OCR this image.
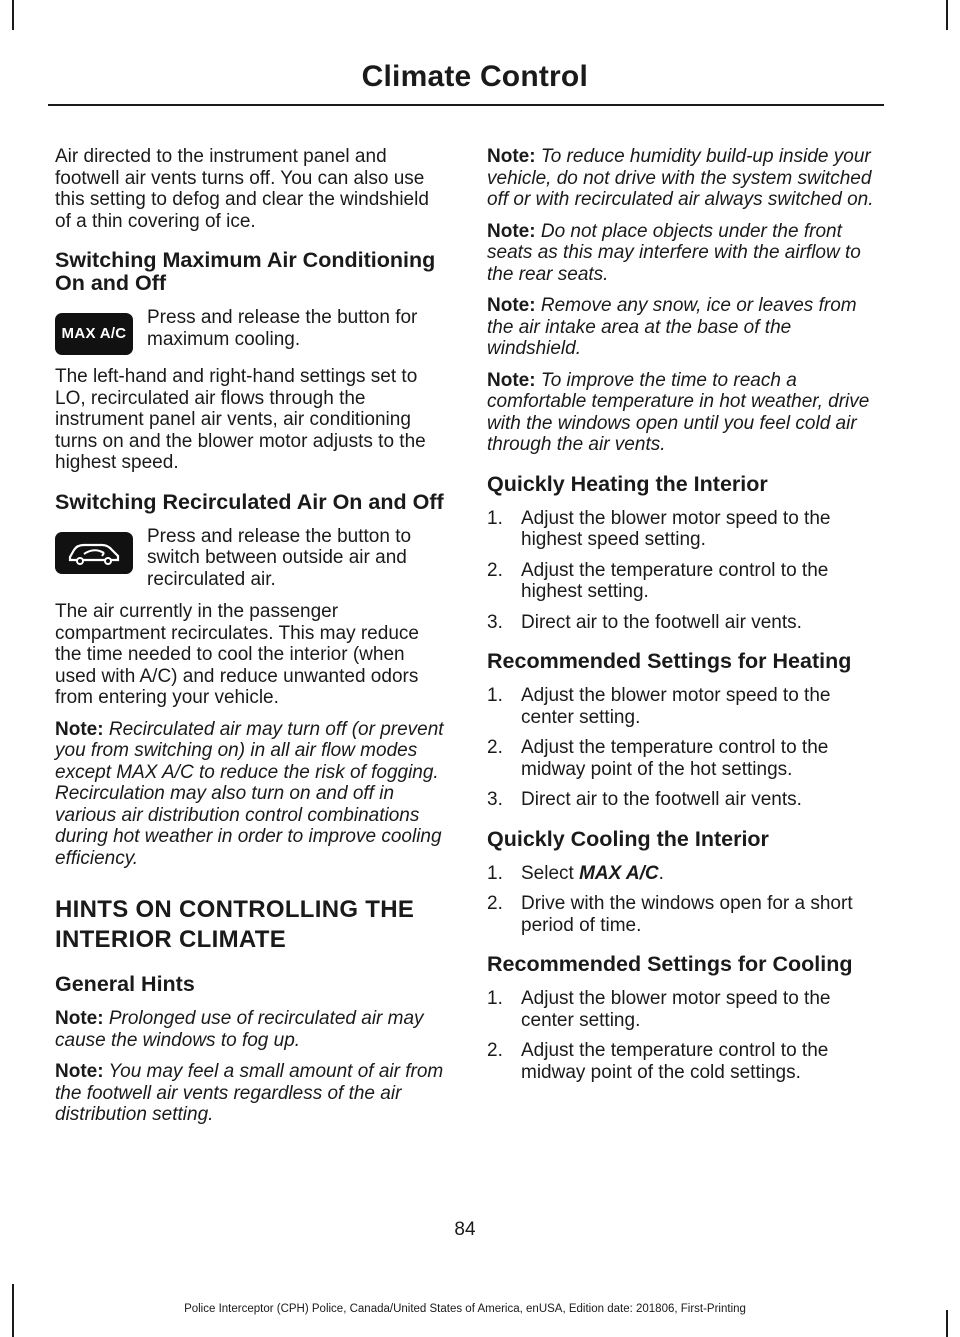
Climate Control

Air directed to the instrument panel and footwell air vents turns off. You can also use this setting to defog and clear the windshield of a thin covering of ice.

Switching Maximum Air Conditioning On and Off
MAX A/C
Press and release the button for maximum cooling.

The left-hand and right-hand settings set to LO, recirculated air flows through the instrument panel air vents, air conditioning turns on and the blower motor adjusts to the highest speed.

Switching Recirculated Air On and Off
Press and release the button to switch between outside air and recirculated air.

The air currently in the passenger compartment recirculates. This may reduce the time needed to cool the interior (when used with A/C) and reduce unwanted odors from entering your vehicle.

Note: Recirculated air may turn off (or prevent you from switching on) in all air flow modes except MAX A/C to reduce the risk of fogging. Recirculation may also turn on and off in various air distribution control combinations during hot weather in order to improve cooling efficiency.

HINTS ON CONTROLLING THE
INTERIOR CLIMATE
General Hints

Note: Prolonged use of recirculated air may cause the windows to fog up.

Note: You may feel a small amount of air from the footwell air vents regardless of the air distribution setting.

Note: To reduce humidity build-up inside your vehicle, do not drive with the system switched off or with recirculated air always switched on.

Note: Do not place objects under the front seats as this may interfere with the airflow to the rear seats.

Note: Remove any snow, ice or leaves from the air intake area at the base of the windshield.

Note: To improve the time to reach a comfortable temperature in hot weather, drive with the windows open until you feel cold air through the air vents.

Quickly Heating the Interior
1. Adjust the blower motor speed to the highest speed setting.
2. Adjust the temperature control to the highest setting.
3. Direct air to the footwell air vents.
Recommended Settings for Heating
1. Adjust the blower motor speed to the center setting.
2. Adjust the temperature control to the midway point of the hot settings.
3. Direct air to the footwell air vents.
Quickly Cooling the Interior
1. Select MAX A/C.
2. Drive with the windows open for a short period of time.
Recommended Settings for Cooling
1. Adjust the blower motor speed to the center setting.
2. Adjust the temperature control to the midway point of the cold settings.
84
Police Interceptor (CPH) Police, Canada/United States of America, enUSA, Edition date: 201806, First-Printing
